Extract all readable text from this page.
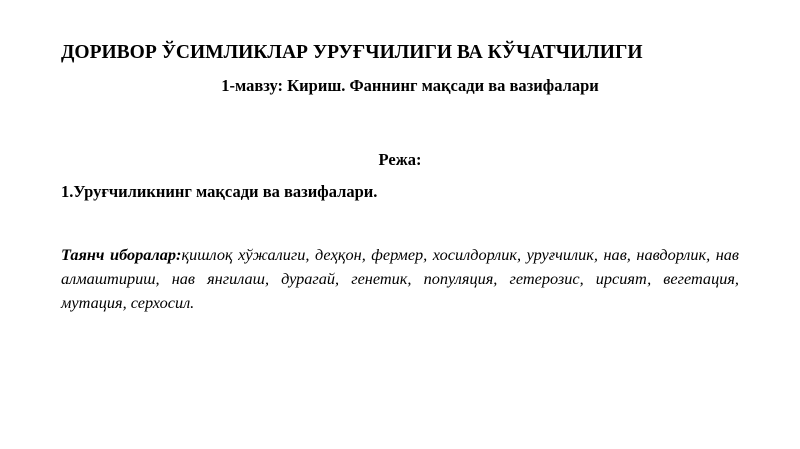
ДОРИВОР ЎСИМЛИКЛАР УРУҒЧИЛИГИ ВА КЎЧАТЧИЛИГИ
1-мавзу: Кириш. Фаннинг мақсади ва вазифалари
Режа:

1.Уруғчиликнинг мақсади ва вазифалари.

Таянч иборалар:қишлоқ хўжалиги, деҳқон, фермер, хосилдорлик, уруғчилик, нав, навдорлик, нав алмаштириш, нав янгилаш, дурагай, генетик, популяция, гетерозис, ирсият, вегетация, мутация, серхосил.
